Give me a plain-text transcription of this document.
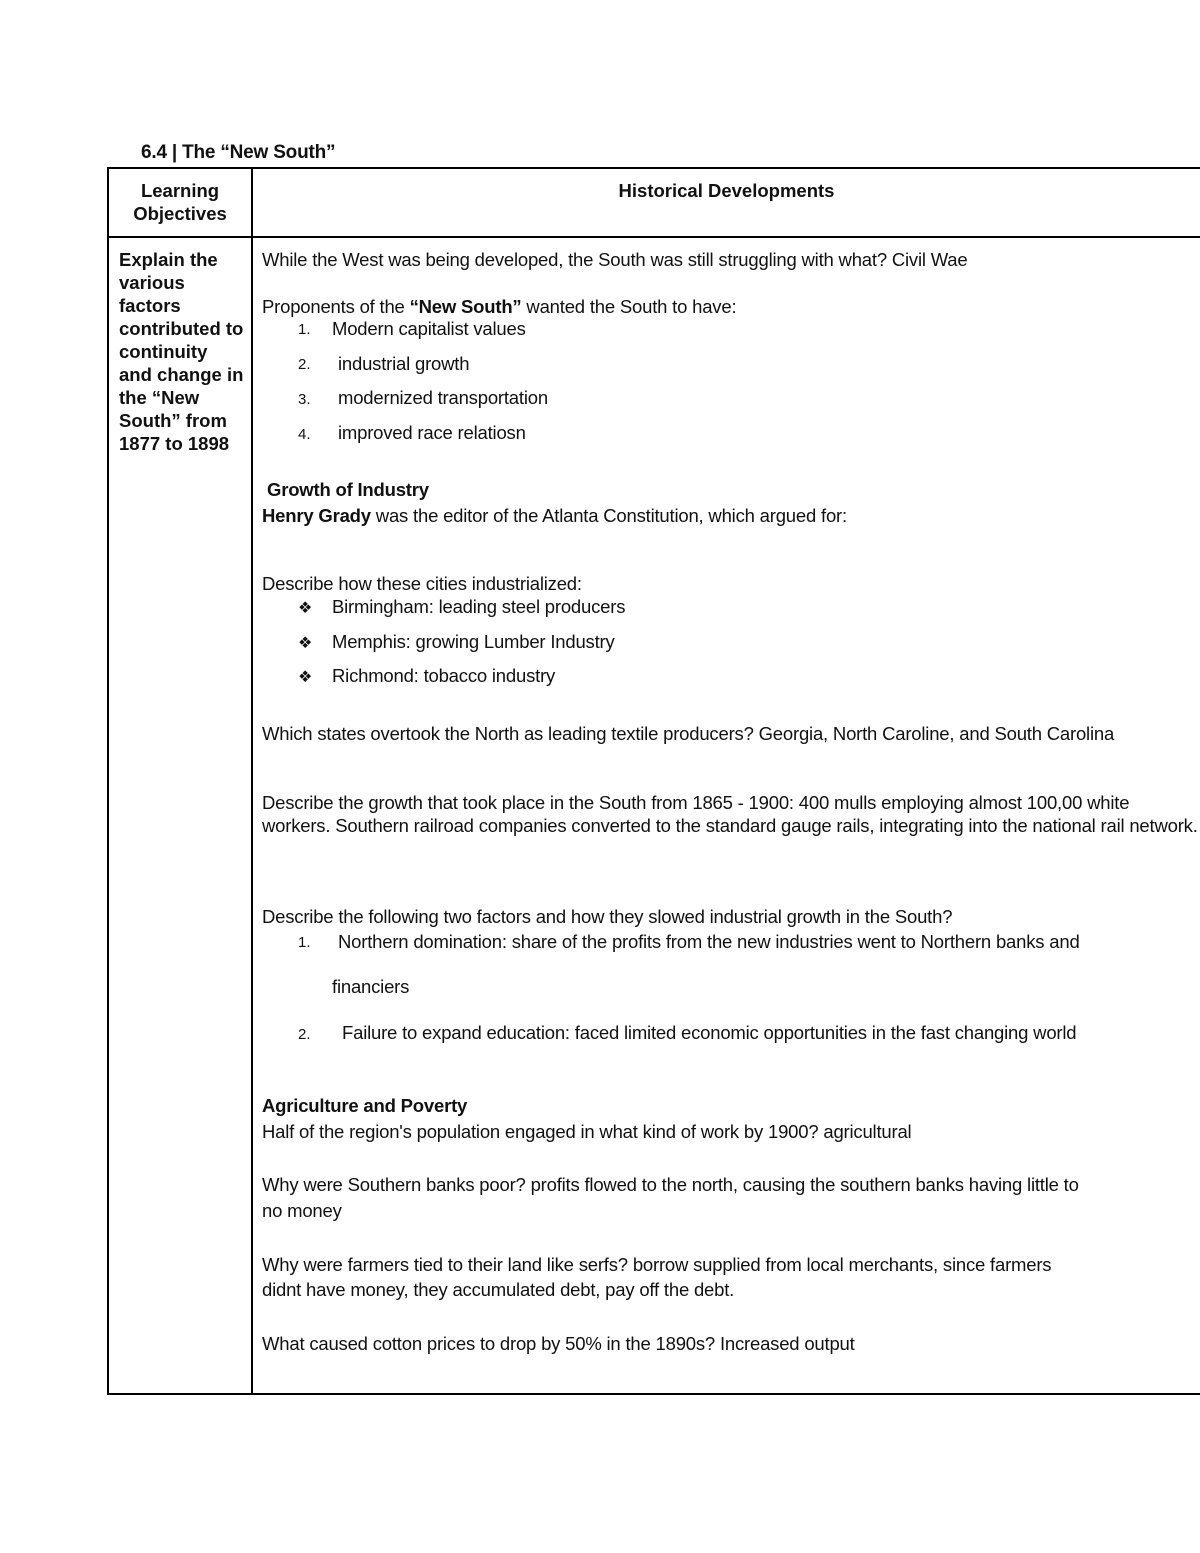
6.4 | The “New South”
Learning Objectives
Historical Developments
Explain the various factors contributed to continuity and change in the “New South” from 1877 to 1898
While the West was being developed, the South was still struggling with what? Civil Wae
Proponents of the “New South” wanted the South to have:
1. Modern capitalist values
2. industrial growth
3. modernized transportation
4. improved race relatiosn
Growth of Industry
Henry Grady was the editor of the Atlanta Constitution, which argued for:
Describe how these cities industrialized:
❖ Birmingham: leading steel producers
❖ Memphis: growing Lumber Industry
❖ Richmond: tobacco industry
Which states overtook the North as leading textile producers? Georgia, North Caroline, and South Carolina
Describe the growth that took place in the South from 1865 - 1900: 400 mulls employing almost 100,00 white workers. Southern railroad companies converted to the standard gauge rails, integrating into the national rail network.
Describe the following two factors and how they slowed industrial growth in the South?
1. Northern domination: share of the profits from the new industries went to Northern banks and
financiers
2. Failure to expand education: faced limited economic opportunities in the fast changing world
Agriculture and Poverty
Half of the region's population engaged in what kind of work by 1900? agricultural
Why were Southern banks poor? profits flowed to the north, causing the southern banks having little to
no money
Why were farmers tied to their land like serfs? borrow supplied from local merchants, since farmers
didnt have money, they accumulated debt, pay off the debt.
What caused cotton prices to drop by 50% in the 1890s? Increased output
